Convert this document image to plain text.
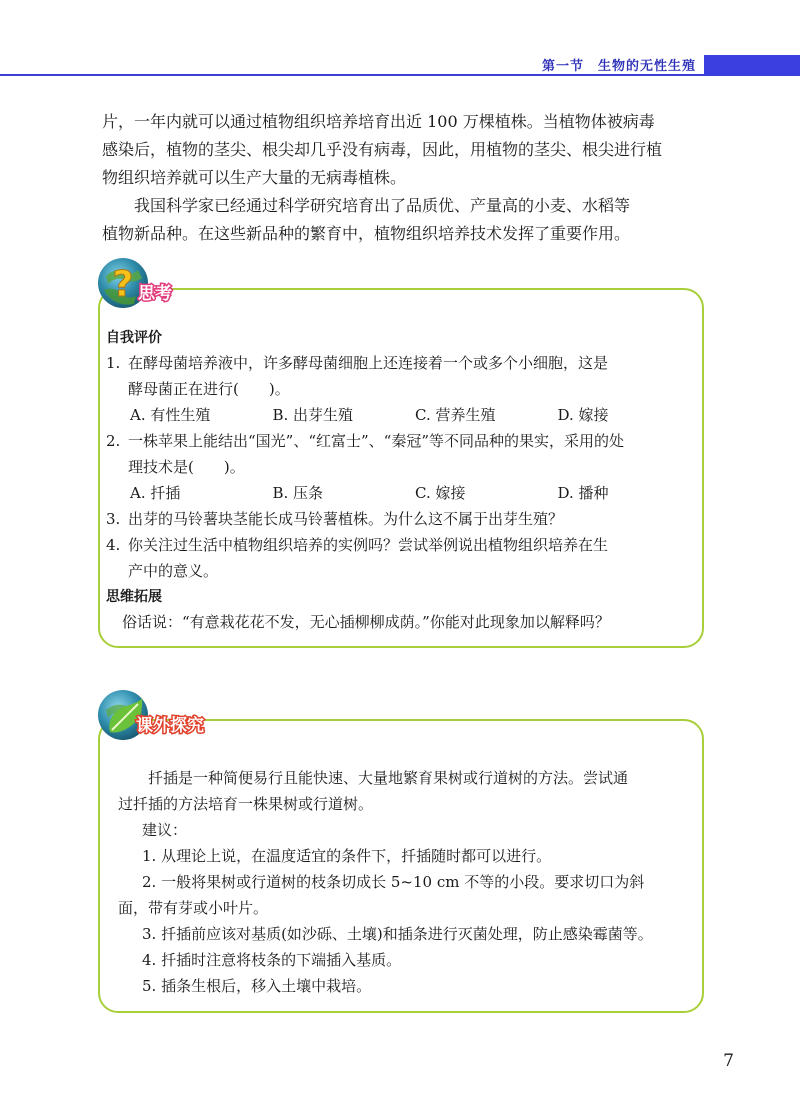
第一节 生物的无性生殖

片，一年内就可以通过植物组织培养培育出近 100 万棵植株。当植物体被病毒

感染后，植物的茎尖、根尖却几乎没有病毒，因此，用植物的茎尖、根尖进行植

物组织培养就可以生产大量的无病毒植株。

我国科学家已经通过科学研究培育出了品质优、产量高的小麦、水稻等

植物新品种。在这些新品种的繁育中，植物组织培养技术发挥了重要作用。

? 思考
自我评价
1. 在酵母菌培养液中，许多酵母菌细胞上还连接着一个或多个小细胞，这是
酵母菌正在进行(　　)。
A. 有性生殖	B. 出芽生殖	C. 营养生殖	D. 嫁接
2. 一株苹果上能结出“国光”、“红富士”、“秦冠”等不同品种的果实，采用的处
理技术是(　　)。
A. 扦插	B. 压条	C. 嫁接	D. 播种
3. 出芽的马铃薯块茎能长成马铃薯植株。为什么这不属于出芽生殖？
4. 你关注过生活中植物组织培养的实例吗？尝试举例说出植物组织培养在生
产中的意义。
思维拓展
俗话说：“有意栽花花不发，无心插柳柳成荫。”你能对此现象加以解释吗？
课外探究
扦插是一种简便易行且能快速、大量地繁育果树或行道树的方法。尝试通
过扦插的方法培育一株果树或行道树。
建议：
1. 从理论上说，在温度适宜的条件下，扦插随时都可以进行。
2. 一般将果树或行道树的枝条切成长 5~10 cm 不等的小段。要求切口为斜
面，带有芽或小叶片。
3. 扦插前应该对基质(如沙砾、土壤)和插条进行灭菌处理，防止感染霉菌等。
4. 扦插时注意将枝条的下端插入基质。
5. 插条生根后，移入土壤中栽培。
7
